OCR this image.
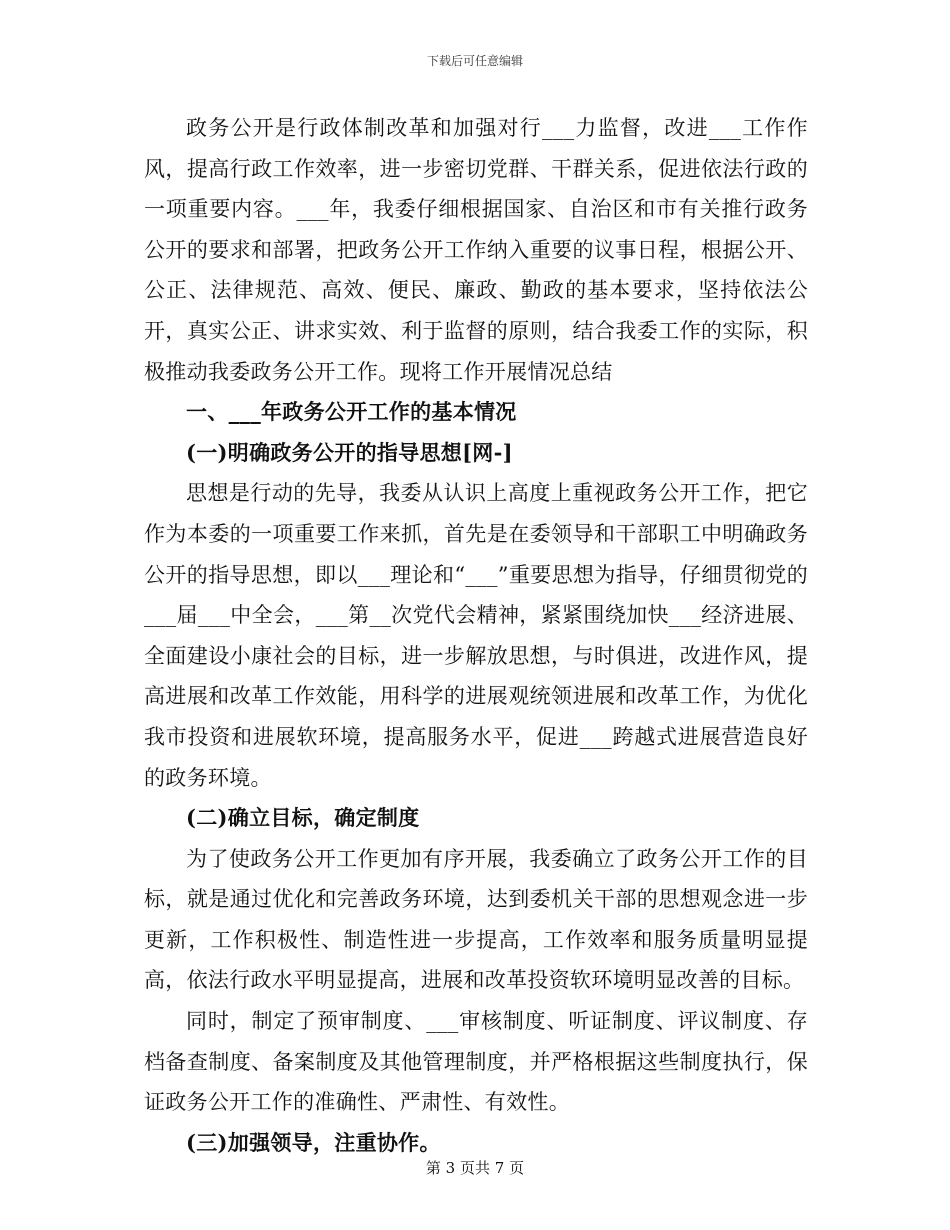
下载后可任意编辑

政务公开是行政体制改革和加强对行___力监督，改进___工作作风，提高行政工作效率，进一步密切党群、干群关系，促进依法行政的一项重要内容。___年，我委仔细根据国家、自治区和市有关推行政务公开的要求和部署，把政务公开工作纳入重要的议事日程，根据公开、公正、法律规范、高效、便民、廉政、勤政的基本要求，坚持依法公开，真实公正、讲求实效、利于监督的原则，结合我委工作的实际，积极推动我委政务公开工作。现将工作开展情况总结

一、___年政务公开工作的基本情况

(一)明确政务公开的指导思想[网-]

思想是行动的先导，我委从认识上高度上重视政务公开工作，把它作为本委的一项重要工作来抓，首先是在委领导和干部职工中明确政务公开的指导思想，即以___理论和“___”重要思想为指导，仔细贯彻党的___届___中全会，___第__次党代会精神，紧紧围绕加快___经济进展、全面建设小康社会的目标，进一步解放思想，与时俱进，改进作风，提高进展和改革工作效能，用科学的进展观统领进展和改革工作，为优化我市投资和进展软环境，提高服务水平，促进___跨越式进展营造良好的政务环境。

(二)确立目标，确定制度

为了使政务公开工作更加有序开展，我委确立了政务公开工作的目标，就是通过优化和完善政务环境，达到委机关干部的思想观念进一步更新，工作积极性、制造性进一步提高，工作效率和服务质量明显提高，依法行政水平明显提高，进展和改革投资软环境明显改善的目标。

同时，制定了预审制度、___审核制度、听证制度、评议制度、存档备查制度、备案制度及其他管理制度，并严格根据这些制度执行，保证政务公开工作的准确性、严肃性、有效性。

(三)加强领导，注重协作。

第 3 页共 7 页
